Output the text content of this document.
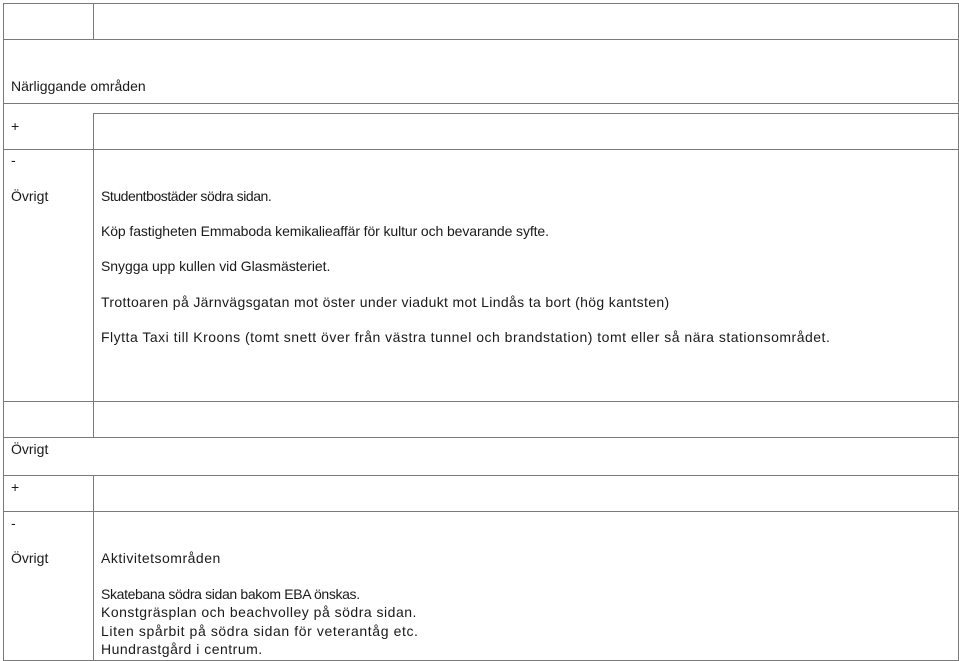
Närliggande områden
+
-
Övrigt	Studentbostäder södra sidan.
Köp fastigheten Emmaboda kemikalieaffär för kultur och bevarande syfte.
Snygga upp kullen vid Glasmästeriet.
Trottoaren på Järnvägsgatan mot öster under viadukt mot Lindås ta bort (hög kantsten)
Flytta Taxi till Kroons (tomt snett över från västra tunnel och brandstation) tomt eller så nära stationsområdet.
Övrigt
+
-
Övrigt	Aktivitetsområden
Skatebana södra sidan bakom EBA önskas.
Konstgräsplan och beachvolley på södra sidan.
Liten spårbit på södra sidan för veterantåg etc.
Hundrastgård i centrum.
